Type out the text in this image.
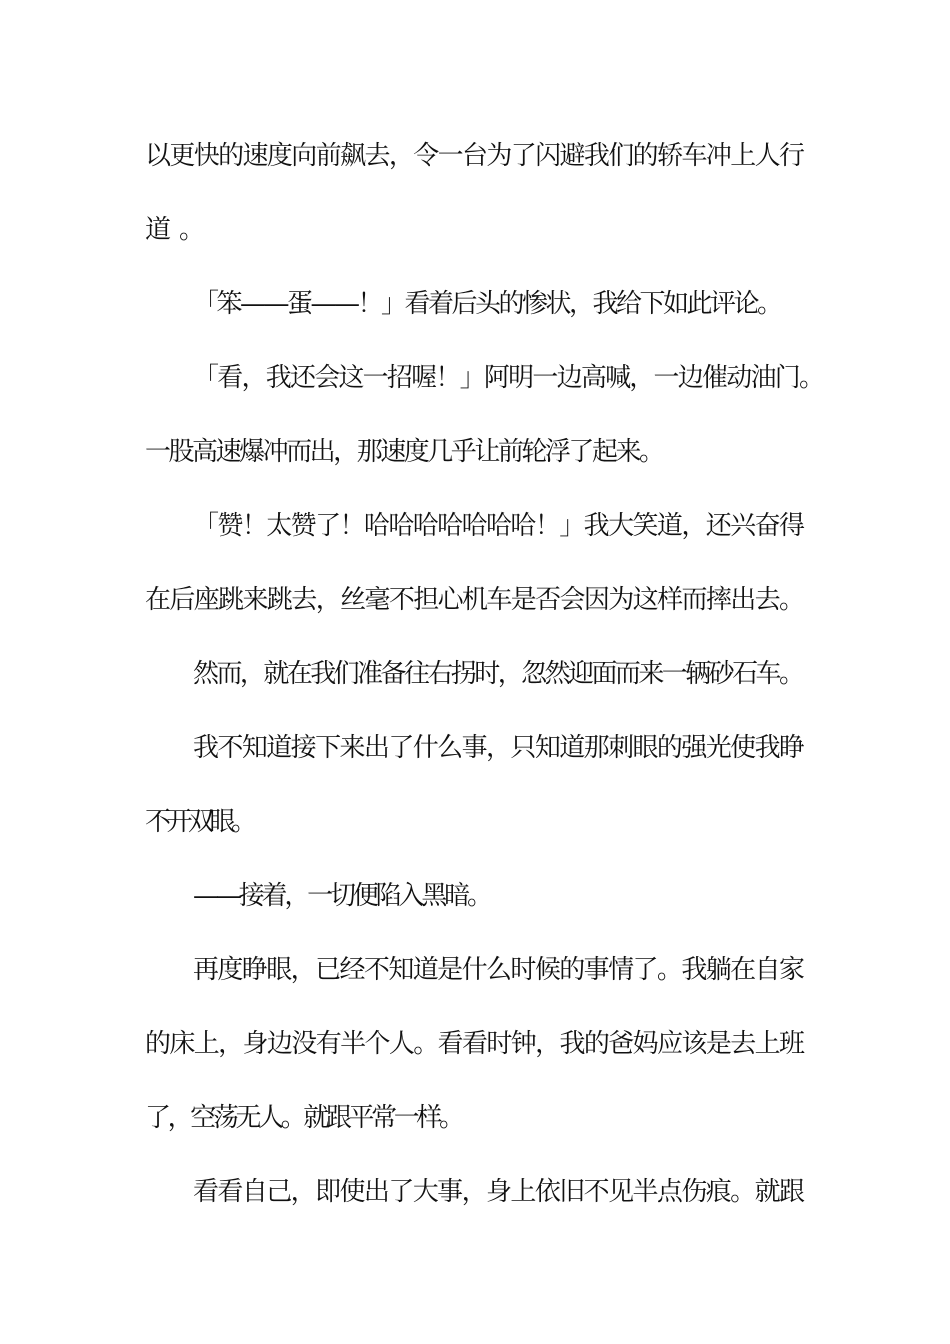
以更快的速度向前飙去，令一台为了闪避我们的轿车冲上人行
道。
「笨——蛋——！」看着后头的惨状，我给下如此评论。
「看，我还会这一招喔！」阿明一边高喊，一边催动油门。
一股高速爆冲而出，那速度几乎让前轮浮了起来。
「赞！太赞了！哈哈哈哈哈哈哈！」我大笑道，还兴奋得
在后座跳来跳去，丝毫不担心机车是否会因为这样而摔出去。
然而，就在我们准备往右拐时，忽然迎面而来一辆砂石车。
我不知道接下来出了什么事，只知道那刺眼的强光使我睁
不开双眼。
——接着，一切便陷入黑暗。
再度睁眼，已经不知道是什么时候的事情了。我躺在自家
的床上，身边没有半个人。看看时钟，我的爸妈应该是去上班
了，空荡无人。就跟平常一样。
看看自己，即使出了大事，身上依旧不见半点伤痕。就跟
